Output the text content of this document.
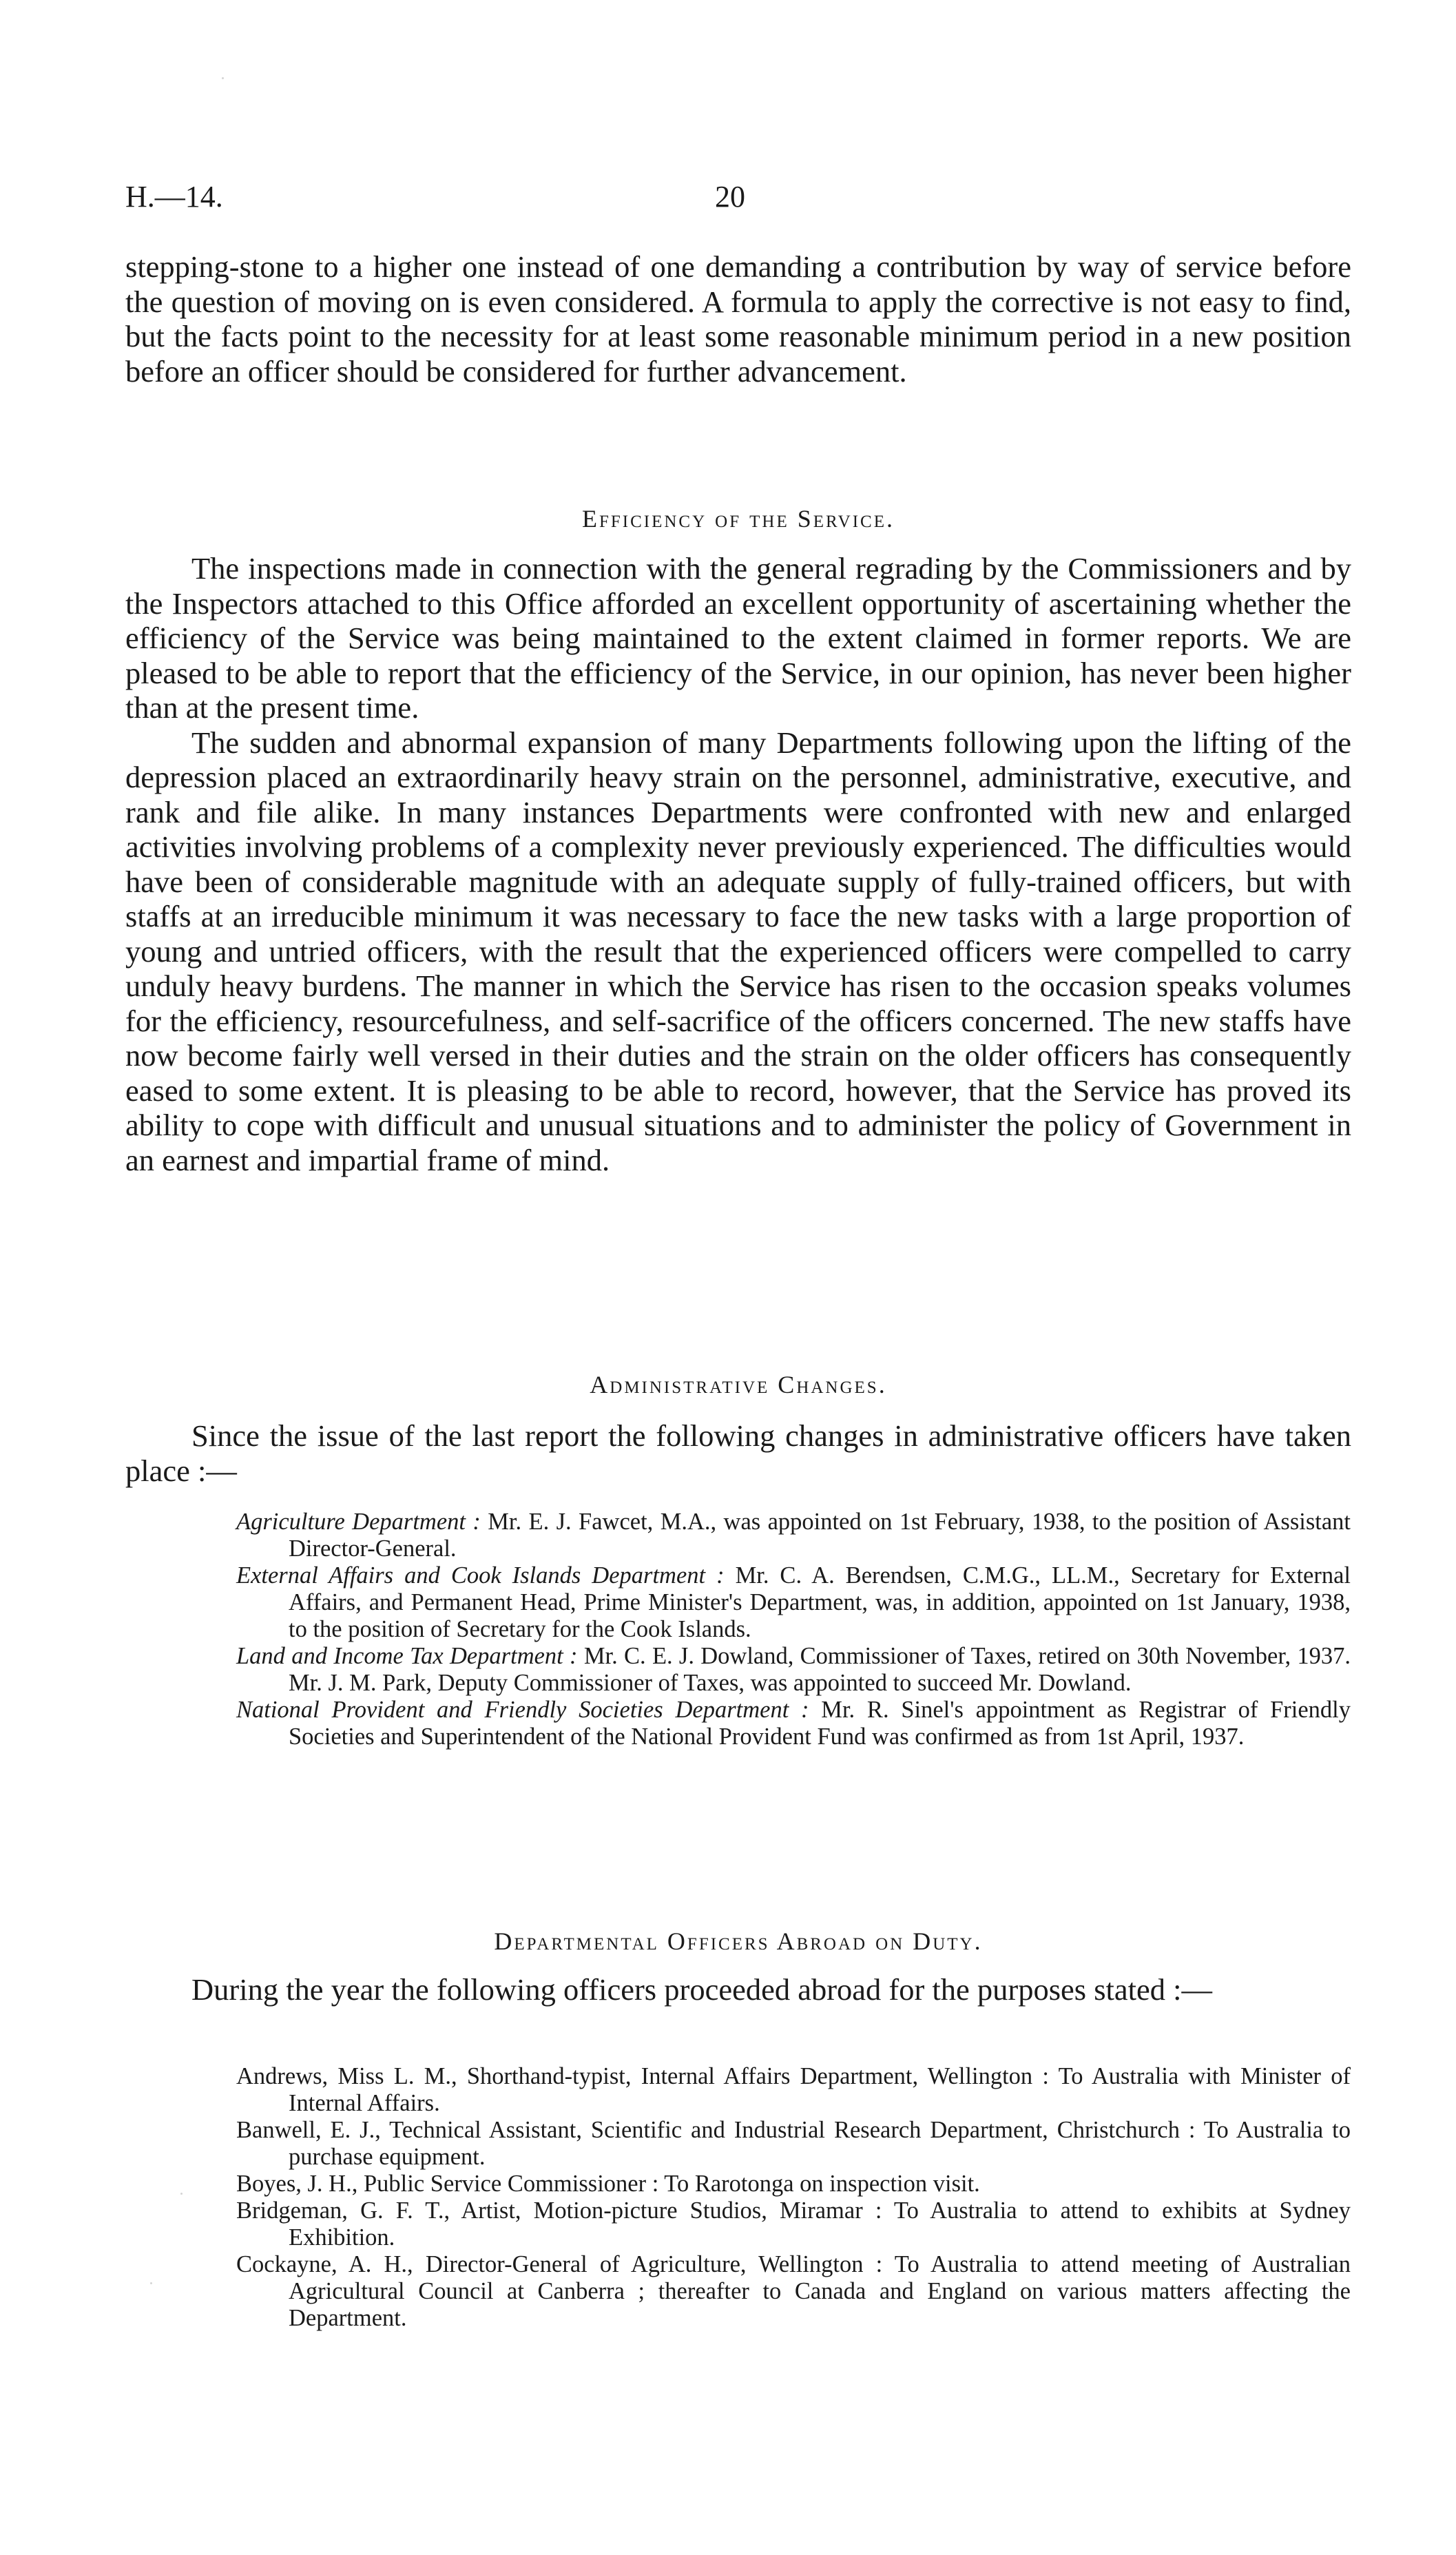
H.—14.	20

stepping-stone to a higher one instead of one demanding a contribution by way of service before the question of moving on is even considered. A formula to apply the corrective is not easy to find, but the facts point to the necessity for at least some reasonable minimum period in a new position before an officer should be considered for further advancement.

Efficiency of the Service.

The inspections made in connection with the general regrading by the Commissioners and by the Inspectors attached to this Office afforded an excellent opportunity of ascertaining whether the efficiency of the Service was being maintained to the extent claimed in former reports. We are pleased to be able to report that the efficiency of the Service, in our opinion, has never been higher than at the present time.

The sudden and abnormal expansion of many Departments following upon the lifting of the depression placed an extraordinarily heavy strain on the personnel, administrative, executive, and rank and file alike. In many instances Departments were confronted with new and enlarged activities involving problems of a complexity never previously experienced. The difficulties would have been of considerable magnitude with an adequate supply of fully-trained officers, but with staffs at an irreducible minimum it was necessary to face the new tasks with a large proportion of young and untried officers, with the result that the experienced officers were compelled to carry unduly heavy burdens. The manner in which the Service has risen to the occasion speaks volumes for the efficiency, resourcefulness, and self-sacrifice of the officers concerned. The new staffs have now become fairly well versed in their duties and the strain on the older officers has consequently eased to some extent. It is pleasing to be able to record, however, that the Service has proved its ability to cope with difficult and unusual situations and to administer the policy of Government in an earnest and impartial frame of mind.

Administrative Changes.

Since the issue of the last report the following changes in administrative officers have taken place :—

Agriculture Department : Mr. E. J. Fawcet, M.A., was appointed on 1st February, 1938, to the position of Assistant Director-General.
External Affairs and Cook Islands Department : Mr. C. A. Berendsen, C.M.G., LL.M., Secretary for External Affairs, and Permanent Head, Prime Minister's Department, was, in addition, appointed on 1st January, 1938, to the position of Secretary for the Cook Islands.
Land and Income Tax Department : Mr. C. E. J. Dowland, Commissioner of Taxes, retired on 30th November, 1937. Mr. J. M. Park, Deputy Commissioner of Taxes, was appointed to succeed Mr. Dowland.
National Provident and Friendly Societies Department : Mr. R. Sinel's appointment as Registrar of Friendly Societies and Superintendent of the National Provident Fund was confirmed as from 1st April, 1937.
Departmental Officers Abroad on Duty.

During the year the following officers proceeded abroad for the purposes stated :—

Andrews, Miss L. M., Shorthand-typist, Internal Affairs Department, Wellington : To Australia with Minister of Internal Affairs.
Banwell, E. J., Technical Assistant, Scientific and Industrial Research Department, Christchurch : To Australia to purchase equipment.
Boyes, J. H., Public Service Commissioner : To Rarotonga on inspection visit.
Bridgeman, G. F. T., Artist, Motion-picture Studios, Miramar : To Australia to attend to exhibits at Sydney Exhibition.
Cockayne, A. H., Director-General of Agriculture, Wellington : To Australia to attend meeting of Australian Agricultural Council at Canberra ; thereafter to Canada and England on various matters affecting the Department.
